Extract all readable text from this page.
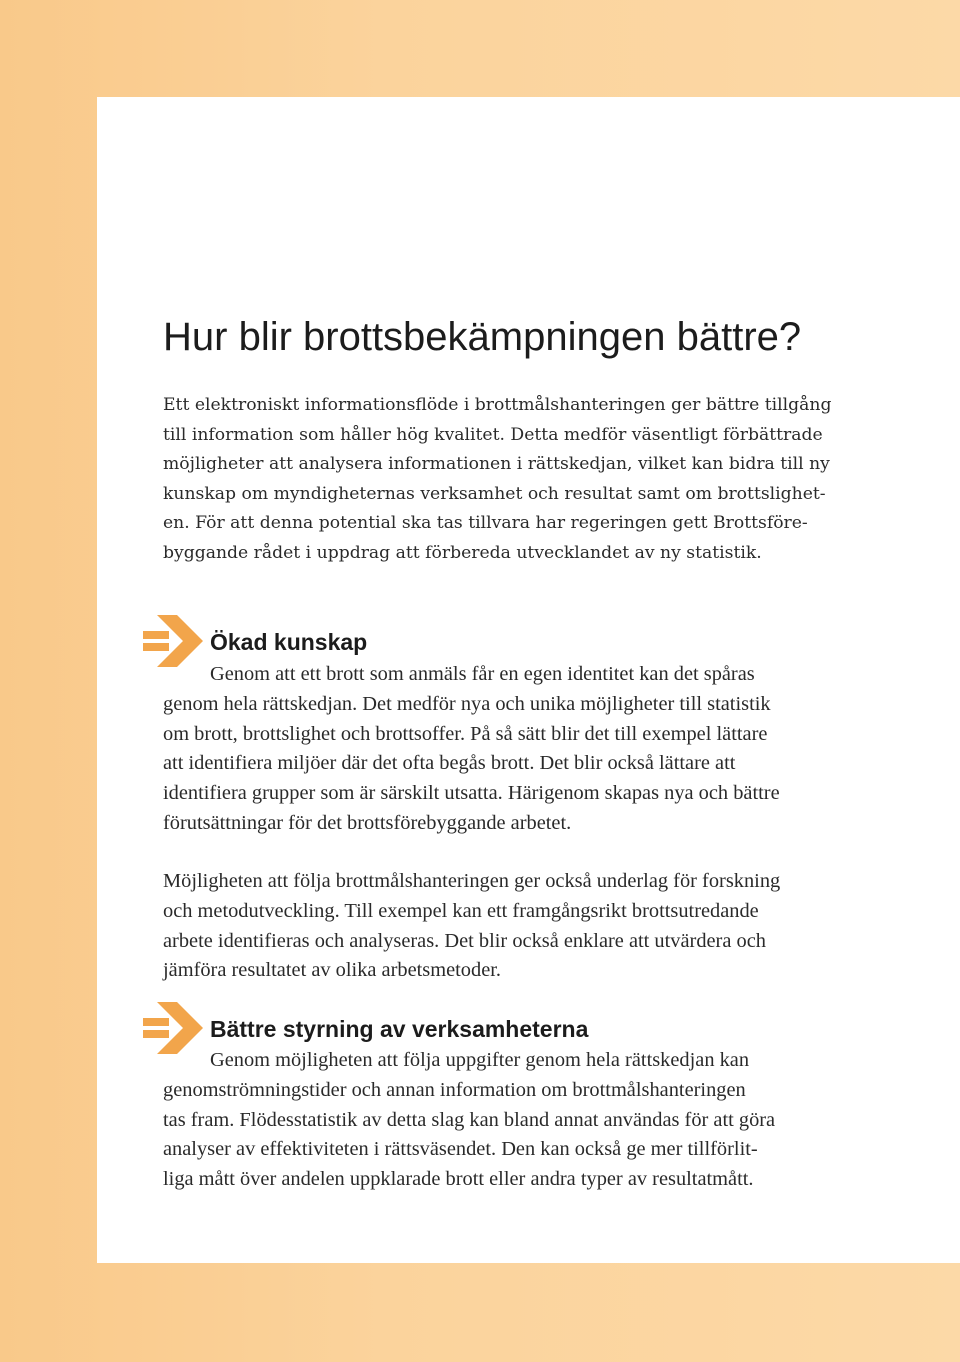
Hur blir brottsbekämpningen bättre?
Ett elektroniskt informationsflöde i brottmålshanteringen ger bättre tillgång
till information som håller hög kvalitet. Detta medför väsentligt förbättrade
möjligheter att analysera informationen i rättskedjan, vilket kan bidra till ny
kunskap om myndigheternas verksamhet och resultat samt om brottslighet-
en. För att denna potential ska tas tillvara har regeringen gett Brottsföre-
byggande rådet i uppdrag att förbereda utvecklandet av ny statistik.
Ökad kunskap
Genom att ett brott som anmäls får en egen identitet kan det spåras
genom hela rättskedjan. Det medför nya och unika möjligheter till statistik
om brott, brottslighet och brottsoffer. På så sätt blir det till exempel lättare
att identifiera miljöer där det ofta begås brott. Det blir också lättare att
identifiera grupper som är särskilt utsatta. Härigenom skapas nya och bättre
förutsättningar för det brottsförebyggande arbetet.
Möjligheten att följa brottmålshanteringen ger också underlag för forskning
och metodutveckling. Till exempel kan ett framgångsrikt brottsutredande
arbete identifieras och analyseras. Det blir också enklare att utvärdera och
jämföra resultatet av olika arbetsmetoder.
Bättre styrning av verksamheterna
Genom möjligheten att följa uppgifter genom hela rättskedjan kan
genomströmningstider och annan information om brottmålshanteringen
tas fram. Flödesstatistik av detta slag kan bland annat användas för att göra
analyser av effektiviteten i rättsväsendet. Den kan också ge mer tillförlit-
liga mått över andelen uppklarade brott eller andra typer av resultatmått.
